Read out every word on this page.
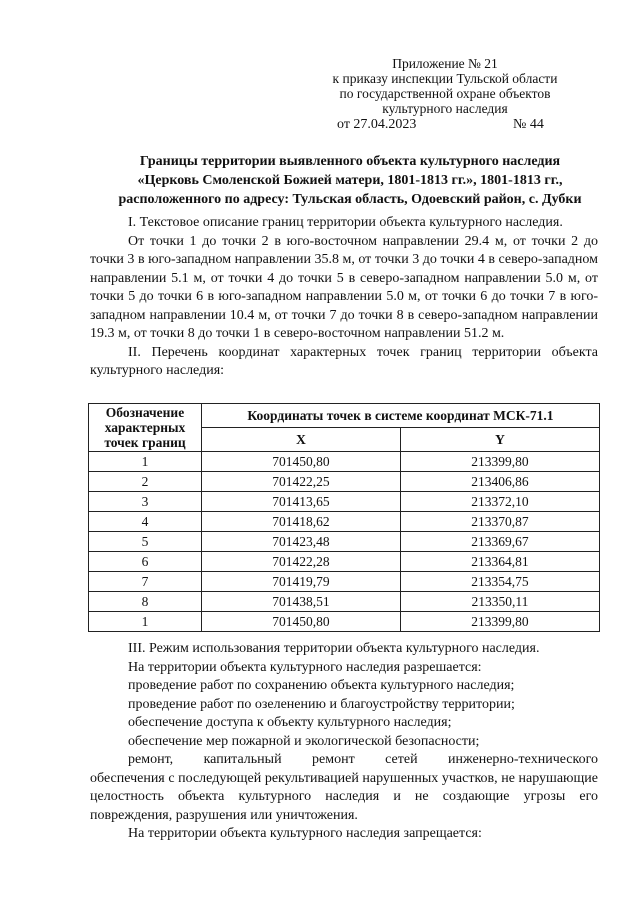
Приложение № 21
к приказу инспекции Тульской области
по государственной охране объектов
культурного наследия
от 27.04.2023	№ 44
Границы территории выявленного объекта культурного наследия
«Церковь Смоленской Божией матери, 1801-1813 гг.», 1801-1813 гг.,
расположенного по адресу: Тульская область, Одоевский район, с. Дубки

I. Текстовое описание границ территории объекта культурного наследия.

От точки 1 до точки 2 в юго-восточном направлении 29.4 м, от точки 2 до точки 3 в юго-западном направлении 35.8 м, от точки 3 до точки 4 в северо-западном направлении 5.1 м, от точки 4 до точки 5 в северо-западном направлении 5.0 м, от точки 5 до точки 6 в юго-западном направлении 5.0 м, от точки 6 до точки 7 в юго-западном направлении 10.4 м, от точки 7 до точки 8 в северо-западном направлении 19.3 м, от точки 8 до точки 1 в северо-восточном направлении 51.2 м.

II. Перечень координат характерных точек границ территории объекта культурного наследия:

Обозначение характерных точек границ	Координаты точек в системе координат МСК-71.1	
	X	Y
1	701450,80	213399,80
2	701422,25	213406,86
3	701413,65	213372,10
4	701418,62	213370,87
5	701423,48	213369,67
6	701422,28	213364,81
7	701419,79	213354,75
8	701438,51	213350,11
1	701450,80	213399,80

III. Режим использования территории объекта культурного наследия.

На территории объекта культурного наследия разрешается:

проведение работ по сохранению объекта культурного наследия;

проведение работ по озеленению и благоустройству территории;

обеспечение доступа к объекту культурного наследия;

обеспечение мер пожарной и экологической безопасности;

ремонт, капитальный ремонт сетей инженерно-технического

обеспечения с последующей рекультивацией нарушенных участков, не нарушающие целостность объекта культурного наследия и не создающие угрозы его повреждения, разрушения или уничтожения.

На территории объекта культурного наследия запрещается:
